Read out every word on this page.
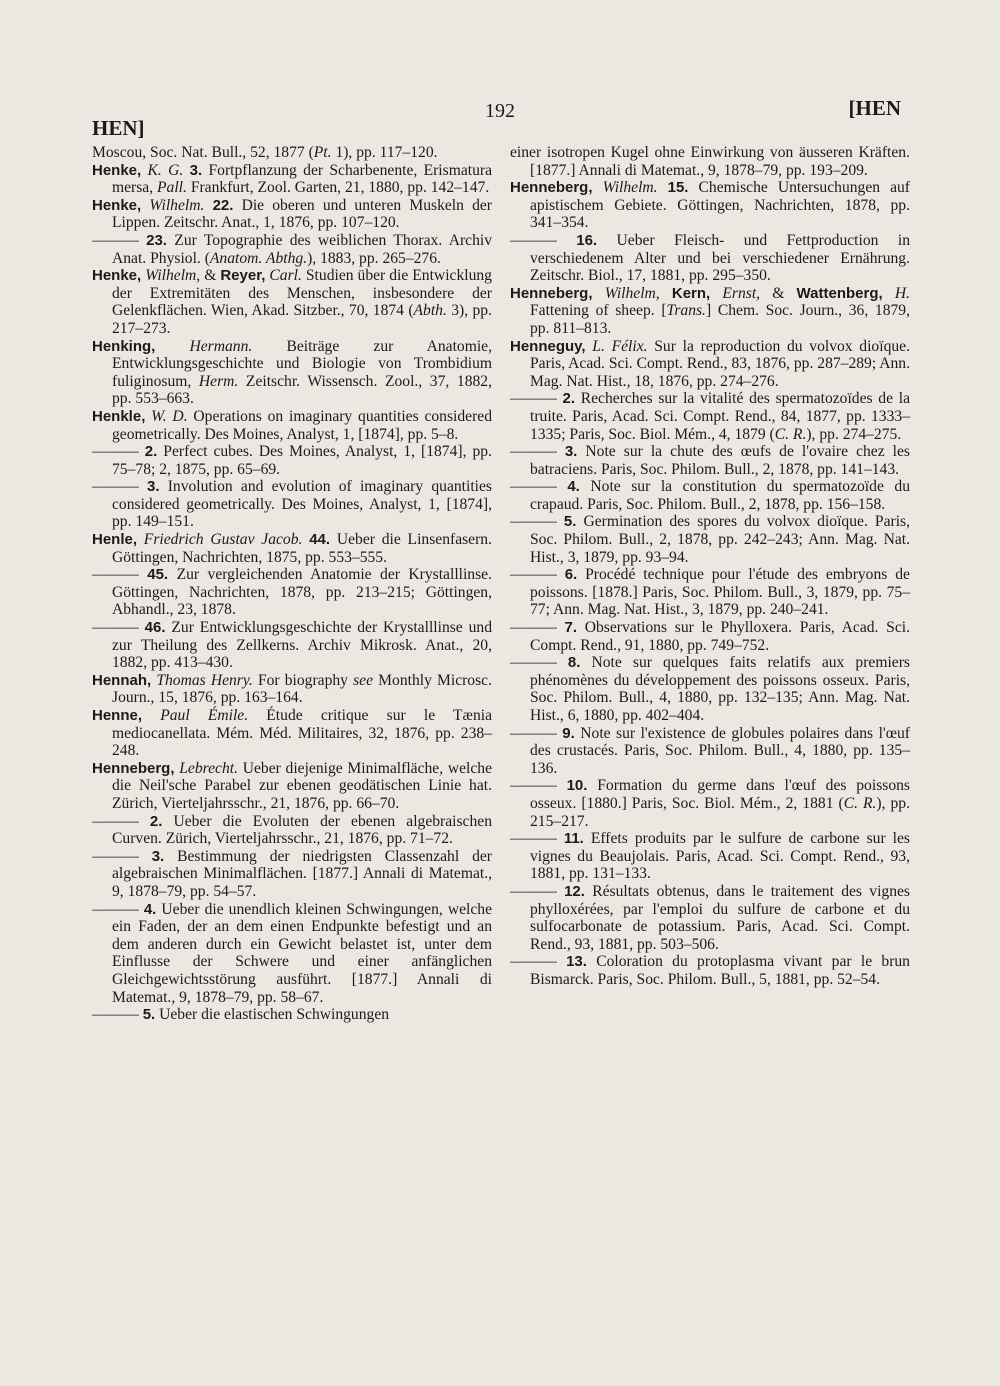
HEN]
192	[HEN
Moscou, Soc. Nat. Bull., 52, 1877 (Pt. 1), pp. 117–120.
Henke, K. G. 3. Fortpflanzung der Scharbenente, Erismatura mersa, Pall. Frankfurt, Zool. Garten, 21, 1880, pp. 142–147.
Henke, Wilhelm. 22. Die oberen und unteren Muskeln der Lippen. Zeitschr. Anat., 1, 1876, pp. 107–120.
——— 23. Zur Topographie des weiblichen Thorax. Archiv Anat. Physiol. (Anatom. Abthg.), 1883, pp. 265–276.
Henke, Wilhelm, & Reyer, Carl. Studien über die Entwicklung der Extremitäten des Menschen, insbesondere der Gelenkflächen. Wien, Akad. Sitzber., 70, 1874 (Abth. 3), pp. 217–273.
Henking, Hermann. Beiträge zur Anatomie, Entwicklungsgeschichte und Biologie von Trombidium fuliginosum, Herm. Zeitschr. Wissensch. Zool., 37, 1882, pp. 553–663.
Henkle, W. D. Operations on imaginary quantities considered geometrically. Des Moines, Analyst, 1, [1874], pp. 5–8.
——— 2. Perfect cubes. Des Moines, Analyst, 1, [1874], pp. 75–78; 2, 1875, pp. 65–69.
——— 3. Involution and evolution of imaginary quantities considered geometrically. Des Moines, Analyst, 1, [1874], pp. 149–151.
Henle, Friedrich Gustav Jacob. 44. Ueber die Linsenfasern. Göttingen, Nachrichten, 1875, pp. 553–555.
——— 45. Zur vergleichenden Anatomie der Krystalllinse. Göttingen, Nachrichten, 1878, pp. 213–215; Göttingen, Abhandl., 23, 1878.
——— 46. Zur Entwicklungsgeschichte der Krystalllinse und zur Theilung des Zellkerns. Archiv Mikrosk. Anat., 20, 1882, pp. 413–430.
Hennah, Thomas Henry. For biography see Monthly Microsc. Journ., 15, 1876, pp. 163–164.
Henne, Paul Émile. Étude critique sur le Tænia mediocanellata. Mém. Méd. Militaires, 32, 1876, pp. 238–248.
Henneberg, Lebrecht. Ueber diejenige Minimalfläche, welche die Neil'sche Parabel zur ebenen geodätischen Linie hat. Zürich, Vierteljahrsschr., 21, 1876, pp. 66–70.
——— 2. Ueber die Evoluten der ebenen algebraischen Curven. Zürich, Vierteljahrsschr., 21, 1876, pp. 71–72.
——— 3. Bestimmung der niedrigsten Classenzahl der algebraischen Minimalflächen. [1877.] Annali di Matemat., 9, 1878–79, pp. 54–57.
——— 4. Ueber die unendlich kleinen Schwingungen, welche ein Faden, der an dem einen Endpunkte befestigt und an dem anderen durch ein Gewicht belastet ist, unter dem Einflusse der Schwere und einer anfänglichen Gleichgewichtsstörung ausführt. [1877.] Annali di Matemat., 9, 1878–79, pp. 58–67.
——— 5. Ueber die elastischen Schwingungen
einer isotropen Kugel ohne Einwirkung von äusseren Kräften. [1877.] Annali di Matemat., 9, 1878–79, pp. 193–209.
Henneberg, Wilhelm. 15. Chemische Untersuchungen auf apistischem Gebiete. Göttingen, Nachrichten, 1878, pp. 341–354.
——— 16. Ueber Fleisch- und Fettproduction in verschiedenem Alter und bei verschiedener Ernährung. Zeitschr. Biol., 17, 1881, pp. 295–350.
Henneberg, Wilhelm, Kern, Ernst, & Wattenberg, H. Fattening of sheep. [Trans.] Chem. Soc. Journ., 36, 1879, pp. 811–813.
Henneguy, L. Félix. Sur la reproduction du volvox dioïque. Paris, Acad. Sci. Compt. Rend., 83, 1876, pp. 287–289; Ann. Mag. Nat. Hist., 18, 1876, pp. 274–276.
——— 2. Recherches sur la vitalité des spermatozoïdes de la truite. Paris, Acad. Sci. Compt. Rend., 84, 1877, pp. 1333–1335; Paris, Soc. Biol. Mém., 4, 1879 (C. R.), pp. 274–275.
——— 3. Note sur la chute des œufs de l'ovaire chez les batraciens. Paris, Soc. Philom. Bull., 2, 1878, pp. 141–143.
——— 4. Note sur la constitution du spermatozoïde du crapaud. Paris, Soc. Philom. Bull., 2, 1878, pp. 156–158.
——— 5. Germination des spores du volvox dioïque. Paris, Soc. Philom. Bull., 2, 1878, pp. 242–243; Ann. Mag. Nat. Hist., 3, 1879, pp. 93–94.
——— 6. Procédé technique pour l'étude des embryons de poissons. [1878.] Paris, Soc. Philom. Bull., 3, 1879, pp. 75–77; Ann. Mag. Nat. Hist., 3, 1879, pp. 240–241.
——— 7. Observations sur le Phylloxera. Paris, Acad. Sci. Compt. Rend., 91, 1880, pp. 749–752.
——— 8. Note sur quelques faits relatifs aux premiers phénomènes du développement des poissons osseux. Paris, Soc. Philom. Bull., 4, 1880, pp. 132–135; Ann. Mag. Nat. Hist., 6, 1880, pp. 402–404.
——— 9. Note sur l'existence de globules polaires dans l'œuf des crustacés. Paris, Soc. Philom. Bull., 4, 1880, pp. 135–136.
——— 10. Formation du germe dans l'œuf des poissons osseux. [1880.] Paris, Soc. Biol. Mém., 2, 1881 (C. R.), pp. 215–217.
——— 11. Effets produits par le sulfure de carbone sur les vignes du Beaujolais. Paris, Acad. Sci. Compt. Rend., 93, 1881, pp. 131–133.
——— 12. Résultats obtenus, dans le traitement des vignes phylloxérées, par l'emploi du sulfure de carbone et du sulfocarbonate de potassium. Paris, Acad. Sci. Compt. Rend., 93, 1881, pp. 503–506.
——— 13. Coloration du protoplasma vivant par le brun Bismarck. Paris, Soc. Philom. Bull., 5, 1881, pp. 52–54.
